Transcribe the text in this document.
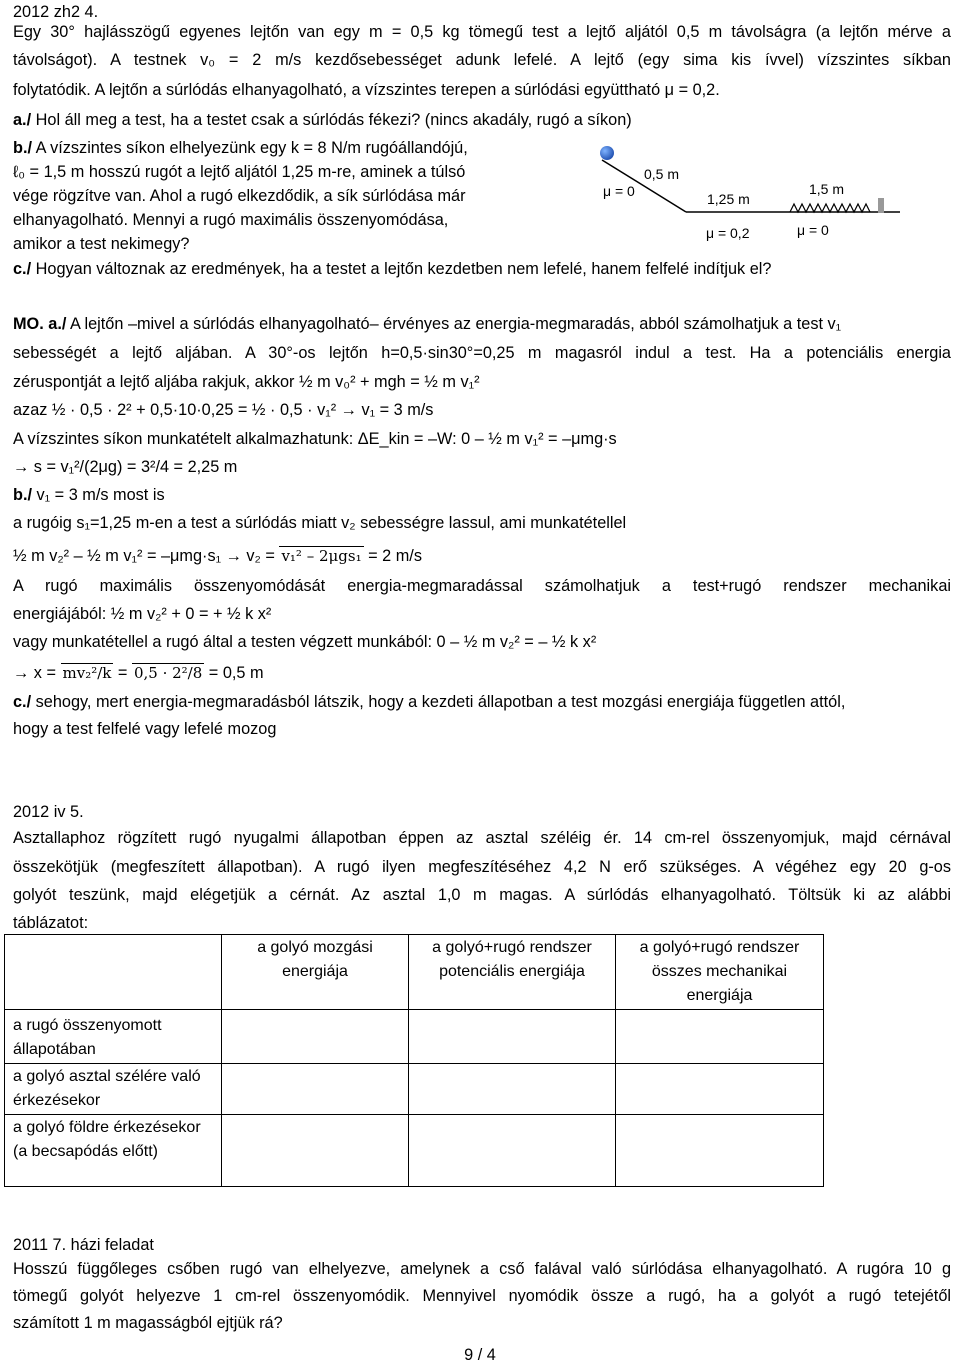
2012 zh2 4.
Egy 30° hajlásszögű egyenes lejtőn van egy m = 0,5 kg tömegű test a lejtő aljától 0,5 m távolságra (a lejtőn mérve a
távolságot). A testnek v₀ = 2 m/s kezdősebességet adunk lefelé. A lejtő (egy sima kis ívvel) vízszintes síkban
folytatódik. A lejtőn a súrlódás elhanyagolható, a vízszintes terepen a súrlódási együttható μ = 0,2.
a./ Hol áll meg a test, ha a testet csak a súrlódás fékezi? (nincs akadály, rugó a síkon)
b./ A vízszintes síkon elhelyezünk egy k = 8 N/m rugóállandójú,
ℓ₀ = 1,5 m hosszú rugót a lejtő aljától 1,25 m-re, aminek a túlsó
vége rögzítve van. Ahol a rugó elkezdődik, a sík súrlódása már
elhanyagolható. Mennyi a rugó maximális összenyomódása,
amikor a test nekimegy?
c./ Hogyan változnak az eredmények, ha a testet a lejtőn kezdetben nem lefelé, hanem felfelé indítjuk el?
MO. a./ A lejtőn –mivel a súrlódás elhanyagolható– érvényes az energia-megmaradás, abból számolhatjuk a test v₁
sebességét a lejtő aljában. A 30°-os lejtőn h=0,5·sin30°=0,25 m magasról indul a test. Ha a potenciális energia
zéruspontját a lejtő aljába rakjuk, akkor ½ m v₀² + mgh = ½ m v₁²
azaz ½ · 0,5 · 2² + 0,5·10·0,25 = ½ · 0,5 · v₁² → v₁ = 3 m/s
A vízszintes síkon munkatételt alkalmazhatunk: ΔE_kin = –W: 0 – ½ m v₁² = –μmg·s
→ s = v₁²/(2μg) = 3²/4 = 2,25 m
b./ v₁ = 3 m/s most is
a rugóig s₁=1,25 m-en a test a súrlódás miatt v₂ sebességre lassul, ami munkatétellel
½ m v₂² – ½ m v₁² = –μmg·s₁ → v₂ = v₁² – 2μgs₁ = 2 m/s
A rugó maximális összenyomódását energia-megmaradással számolhatjuk a test+rugó rendszer mechanikai
energiájából: ½ m v₂² + 0 = + ½ k x²
vagy munkatétellel a rugó által a testen végzett munkából: 0 – ½ m v₂² = – ½ k x²
→ x = mv₂²/k = 0,5 · 2²/8 = 0,5 m
c./ sehogy, mert energia-megmaradásból látszik, hogy a kezdeti állapotban a test mozgási energiája független attól,
hogy a test felfelé vagy lefelé mozog
2012 iv 5.
Asztallaphoz rögzített rugó nyugalmi állapotban éppen az asztal széléig ér. 14 cm-rel összenyomjuk, majd cérnával
összekötjük (megfeszített állapotban). A rugó ilyen megfeszítéséhez 4,2 N erő szükséges. A végéhez egy 20 g-os
golyót teszünk, majd elégetjük a cérnát. Az asztal 1,0 m magas. A súrlódás elhanyagolható. Töltsük ki az alábbi
táblázatot:
2011 7. házi feladat
Hosszú függőleges csőben rugó van elhelyezve, amelynek a cső falával való súrlódása elhanyagolható. A rugóra 10 g
tömegű golyót helyezve 1 cm-rel összenyomódik. Mennyivel nyomódik össze a rugó, ha a golyót a rugó tetejétől
számított 1 m magasságból ejtjük rá?
	a golyó mozgási energiája	a golyó+rugó rendszer potenciális energiája	a golyó+rugó rendszer összes mechanikai energiája
a rugó összenyomott állapotában			
a golyó asztal szélére való érkezésekor			
a golyó földre érkezésekor (a becsapódás előtt)			
0,5 m
μ = 0	1,25 m
1,5 m
μ = 0,2	μ = 0
9 / 4
